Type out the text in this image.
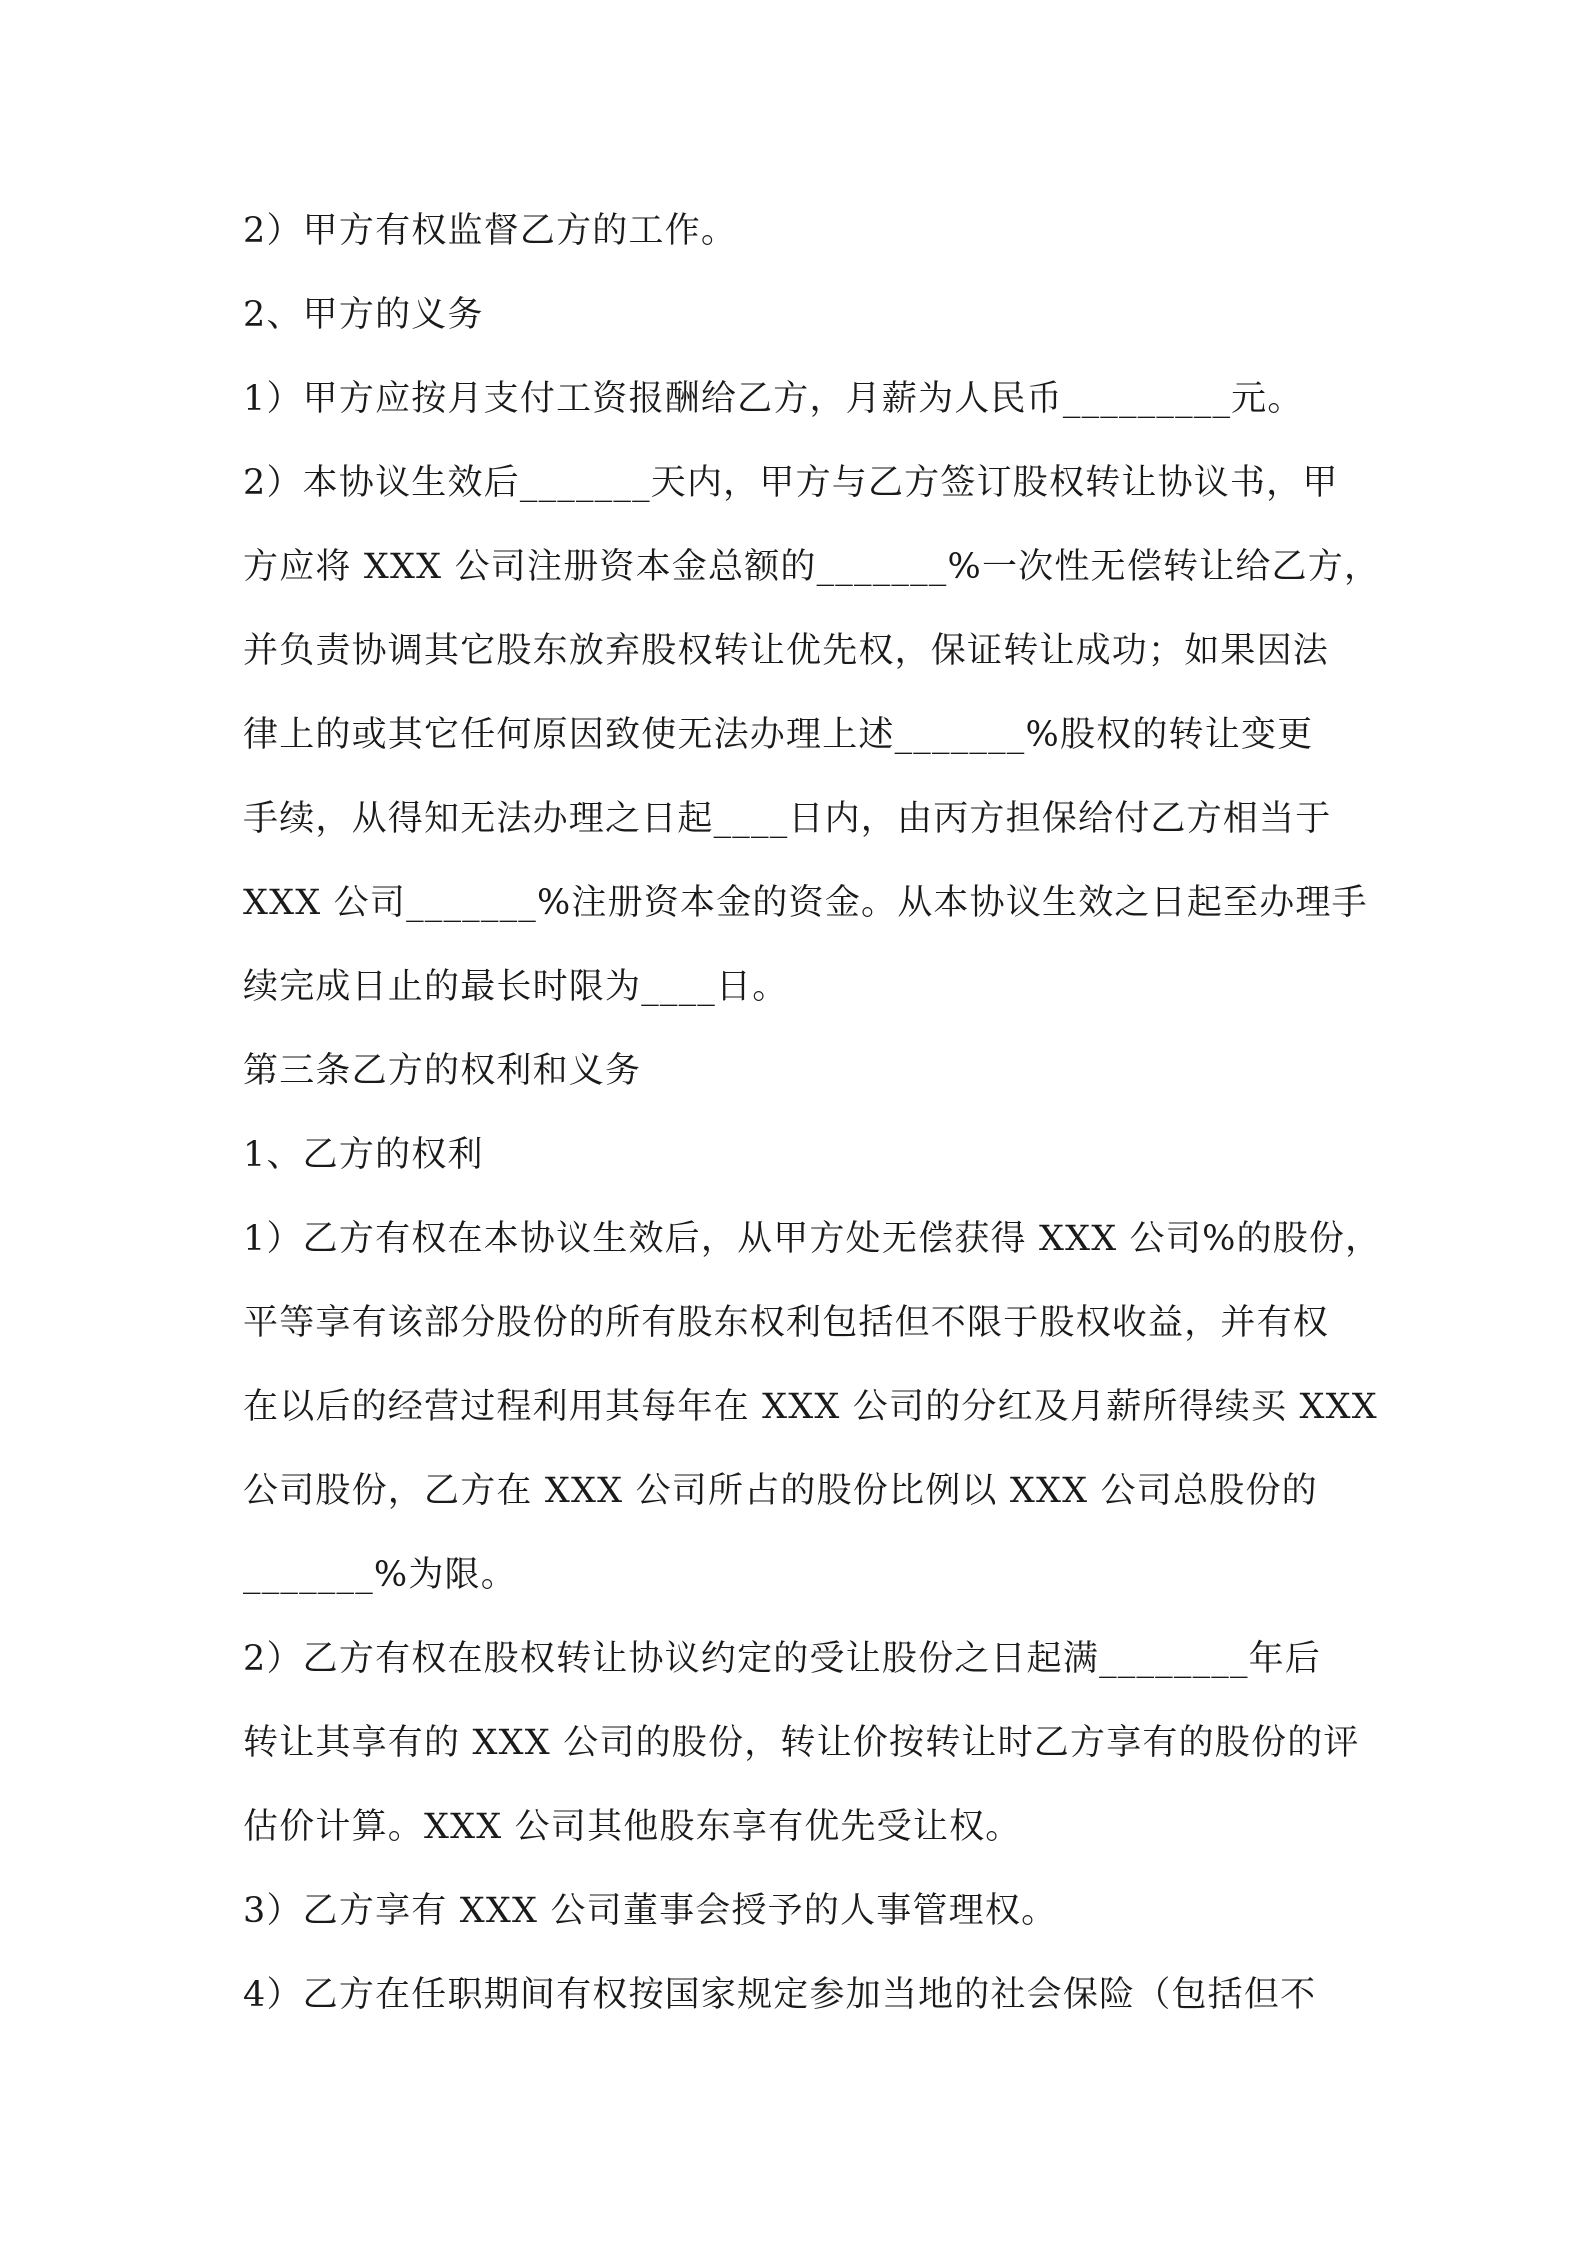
2）甲方有权监督乙方的工作。

2、甲方的义务

1）甲方应按月支付工资报酬给乙方，月薪为人民币_________元。

2）本协议生效后_______天内，甲方与乙方签订股权转让协议书，甲

方应将 XXX 公司注册资本金总额的_______%一次性无偿转让给乙方，

并负责协调其它股东放弃股权转让优先权，保证转让成功；如果因法

律上的或其它任何原因致使无法办理上述_______%股权的转让变更

手续，从得知无法办理之日起____日内，由丙方担保给付乙方相当于

XXX 公司_______%注册资本金的资金。从本协议生效之日起至办理手

续完成日止的最长时限为____日。

第三条乙方的权利和义务

1、乙方的权利

1）乙方有权在本协议生效后，从甲方处无偿获得 XXX 公司%的股份，

平等享有该部分股份的所有股东权利包括但不限于股权收益，并有权

在以后的经营过程利用其每年在 XXX 公司的分红及月薪所得续买 XXX

公司股份，乙方在 XXX 公司所占的股份比例以 XXX 公司总股份的

_______%为限。

2）乙方有权在股权转让协议约定的受让股份之日起满________年后

转让其享有的 XXX 公司的股份，转让价按转让时乙方享有的股份的评

估价计算。XXX 公司其他股东享有优先受让权。

3）乙方享有 XXX 公司董事会授予的人事管理权。

4）乙方在任职期间有权按国家规定参加当地的社会保险（包括但不
